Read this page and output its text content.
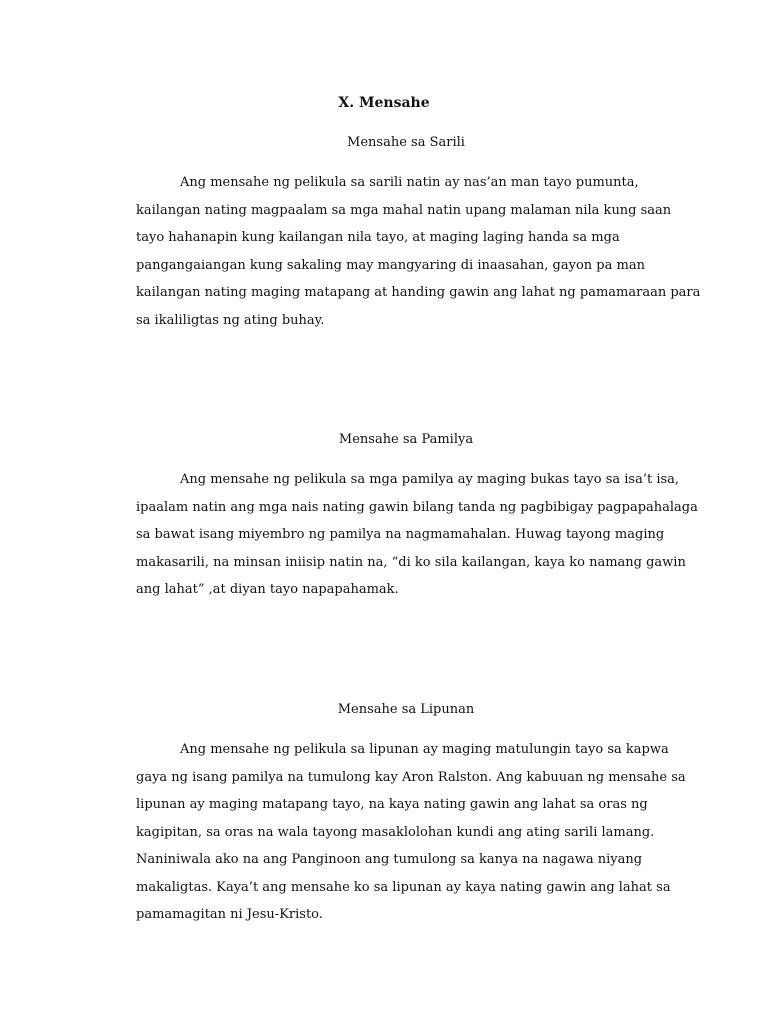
X. Mensahe
Mensahe sa Sarili
Ang mensahe ng pelikula sa sarili natin ay nas’an man tayo pumunta,
kailangan nating magpaalam sa mga mahal natin upang malaman nila kung saan
tayo hahanapin kung kailangan nila tayo, at maging laging handa sa mga
pangangaiangan kung sakaling may mangyaring di inaasahan, gayon pa man
kailangan nating maging matapang at handing gawin ang lahat ng pamamaraan para
sa ikaliligtas ng ating buhay.
Mensahe sa Pamilya
Ang mensahe ng pelikula sa mga pamilya ay maging bukas tayo sa isa’t isa,
ipaalam natin ang mga nais nating gawin bilang tanda ng pagbibigay pagpapahalaga
sa bawat isang miyembro ng pamilya na nagmamahalan. Huwag tayong maging
makasarili, na minsan iniisip natin na, “di ko sila kailangan, kaya ko namang gawin
ang lahat” ,at diyan tayo napapahamak.
Mensahe sa Lipunan
Ang mensahe ng pelikula sa lipunan ay maging matulungin tayo sa kapwa
gaya ng isang pamilya na tumulong kay Aron Ralston. Ang kabuuan ng mensahe sa
lipunan ay maging matapang tayo, na kaya nating gawin ang lahat sa oras ng
kagipitan, sa oras na wala tayong masaklolohan kundi ang ating sarili lamang.
Naniniwala ako na ang Panginoon ang tumulong sa kanya na nagawa niyang
makaligtas. Kaya’t ang mensahe ko sa lipunan ay kaya nating gawin ang lahat sa
pamamagitan ni Jesu-Kristo.
